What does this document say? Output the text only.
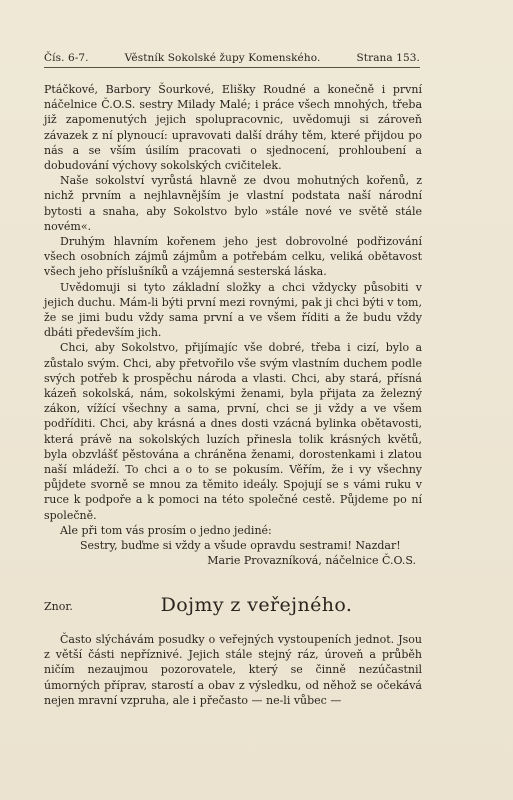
Čís. 6-7.	Věstník Sokolské župy Komenského.	Strana 153.

Ptáčkové, Barbory Šourkové, Elišky Roudné a konečně i první náčelnice Č.O.S. sestry Milady Malé; i práce všech mnohých, třeba již zapomenutých jejich spolupracovnic, uvědomuji si zároveň závazek z ní plynoucí: upravovati další dráhy těm, které přijdou po nás a se vším úsilím pracovati o sjednocení, prohloubení a dobudování výchovy sokolských cvičitelek.

Naše sokolství vyrůstá hlavně ze dvou mohutných kořenů, z nichž prvním a nejhlavnějším je vlastní podstata naší národní bytosti a snaha, aby Sokolstvo bylo »stále nové ve světě stále novém«.

Druhým hlavním kořenem jeho jest dobrovolné podřizování všech osobních zájmů zájmům a potřebám celku, veliká obětavost všech jeho příslušníků a vzájemná sesterská láska.

Uvědomuji si tyto základní složky a chci vždycky působiti v jejich duchu. Mám-li býti první mezi rovnými, pak ji chci býti v tom, že se jimi budu vždy sama první a ve všem říditi a že budu vždy dbáti především jich.

Chci, aby Sokolstvo, přijímajíc vše dobré, třeba i cizí, bylo a zůstalo svým. Chci, aby přetvořilo vše svým vlastním duchem podle svých potřeb k prospěchu národa a vlasti. Chci, aby stará, přísná kázeň sokolská, nám, sokolskými ženami, byla přijata za železný zákon, vížící všechny a sama, první, chci se ji vždy a ve všem podříditi. Chci, aby krásná a dnes dosti vzácná bylinka obětavosti, která právě na sokolských luzích přinesla tolik krásných květů, byla obzvlášť pěstována a chráněna ženami, dorostenkami i zlatou naší mládeží. To chci a o to se pokusím. Věřím, že i vy všechny půjdete svorně se mnou za těmito ideály. Spojují se s vámi ruku v ruce k podpoře a k pomoci na této společné cestě. Půjdeme po ní společně.

Ale při tom vás prosím o jedno jediné:

Sestry, buďme si vždy a všude opravdu sestrami! Nazdar!

Marie Provazníková, náčelnice Č.O.S.

Znor.	Dojmy z veřejného.

Často slýchávám posudky o veřejných vystoupeních jednot. Jsou z větší části nepříznivé. Jejich stále stejný ráz, úroveň a průběh ničím nezaujmou pozorovatele, který se činně nezúčastnil úmorných příprav, starostí a obav z výsledku, od něhož se očekává nejen mravní vzpruha, ale i přečasto — ne-li vůbec —
